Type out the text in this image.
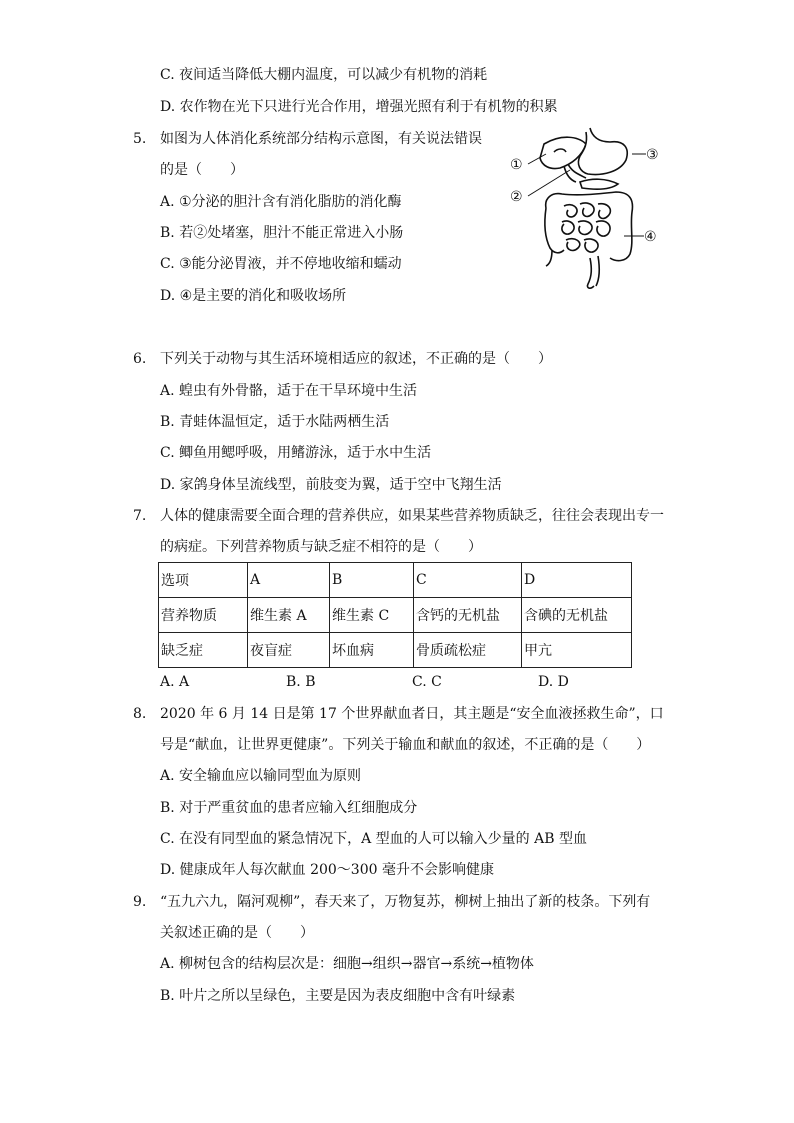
C. 夜间适当降低大棚内温度，可以减少有机物的消耗
D. 农作物在光下只进行光合作用，增强光照有利于有机物的积累
5. 如图为人体消化系统部分结构示意图，有关说法错误
的是（　　）
A. ①分泌的胆汁含有消化脂肪的消化酶
B. 若②处堵塞，胆汁不能正常进入小肠
C. ③能分泌胃液，并不停地收缩和蠕动
D. ④是主要的消化和吸收场所
①
②
③
④
6. 下列关于动物与其生活环境相适应的叙述，不正确的是（　　）
A. 蝗虫有外骨骼，适于在干旱环境中生活
B. 青蛙体温恒定，适于水陆两栖生活
C. 鲫鱼用鳃呼吸，用鳍游泳，适于水中生活
D. 家鸽身体呈流线型，前肢变为翼，适于空中飞翔生活
7. 人体的健康需要全面合理的营养供应，如果某些营养物质缺乏，往往会表现出专一
的病症。下列营养物质与缺乏症不相符的是（　　）
选项	A	B	C	D
营养物质	维生素 A	维生素 C	含钙的无机盐	含碘的无机盐
缺乏症	夜盲症	坏血病	骨质疏松症	甲亢
A. A	B. B	C. C	D. D
8. 2020 年 6 月 14 日是第 17 个世界献血者日，其主题是“安全血液拯救生命”，口
号是“献血，让世界更健康”。下列关于输血和献血的叙述，不正确的是（　　）
A. 安全输血应以输同型血为原则
B. 对于严重贫血的患者应输入红细胞成分
C. 在没有同型血的紧急情况下，A 型血的人可以输入少量的 AB 型血
D. 健康成年人每次献血 200～300 毫升不会影响健康
9. “五九六九，隔河观柳”，春天来了，万物复苏，柳树上抽出了新的枝条。下列有
关叙述正确的是（　　）
A. 柳树包含的结构层次是：细胞→组织→器官→系统→植物体
B. 叶片之所以呈绿色，主要是因为表皮细胞中含有叶绿素
